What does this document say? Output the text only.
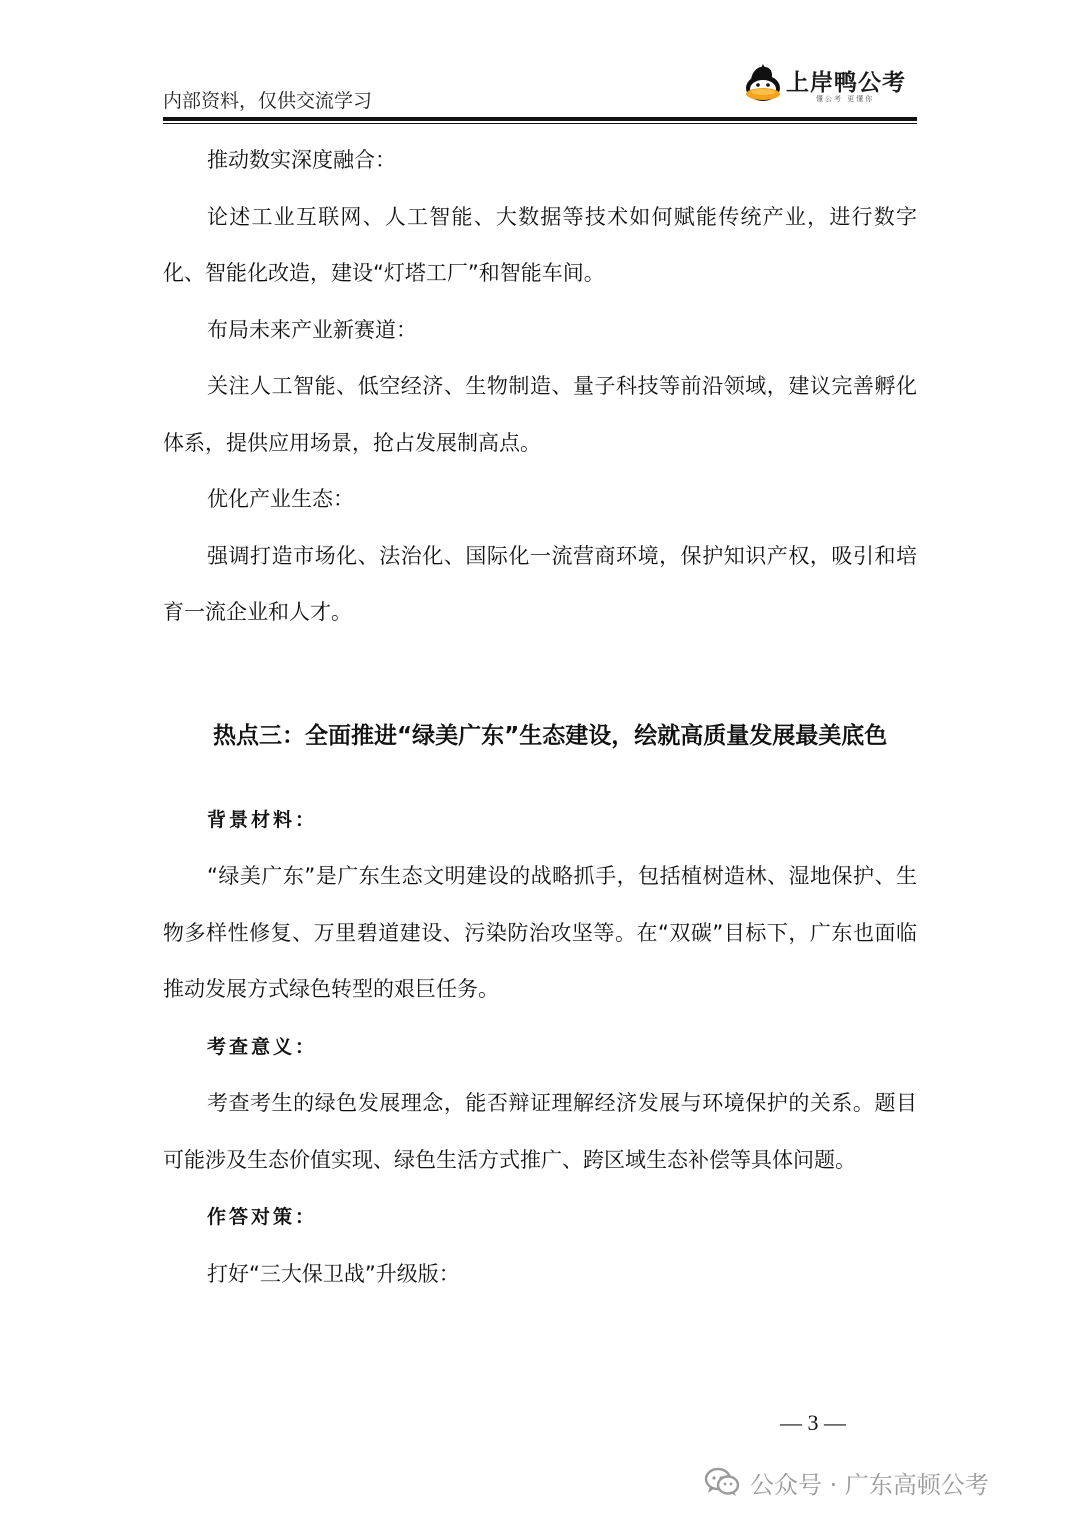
内部资料，仅供交流学习
上岸鸭公考
懂公考 更懂你

推动数实深度融合：

论述工业互联网、人工智能、大数据等技术如何赋能传统产业，进行数字化、智能化改造，建设“灯塔工厂”和智能车间。

布局未来产业新赛道：

关注人工智能、低空经济、生物制造、量子科技等前沿领域，建议完善孵化体系，提供应用场景，抢占发展制高点。

优化产业生态：

强调打造市场化、法治化、国际化一流营商环境，保护知识产权，吸引和培育一流企业和人才。

热点三：全面推进“绿美广东”生态建设，绘就高质量发展最美底色

背景材料：

“绿美广东”是广东生态文明建设的战略抓手，包括植树造林、湿地保护、生物多样性修复、万里碧道建设、污染防治攻坚等。在“双碳”目标下，广东也面临推动发展方式绿色转型的艰巨任务。

考查意义：

考查考生的绿色发展理念，能否辩证理解经济发展与环境保护的关系。题目可能涉及生态价值实现、绿色生活方式推广、跨区域生态补偿等具体问题。

作答对策：

打好“三大保卫战”升级版：

— 3 —
公众号 · 广东高顿公考
